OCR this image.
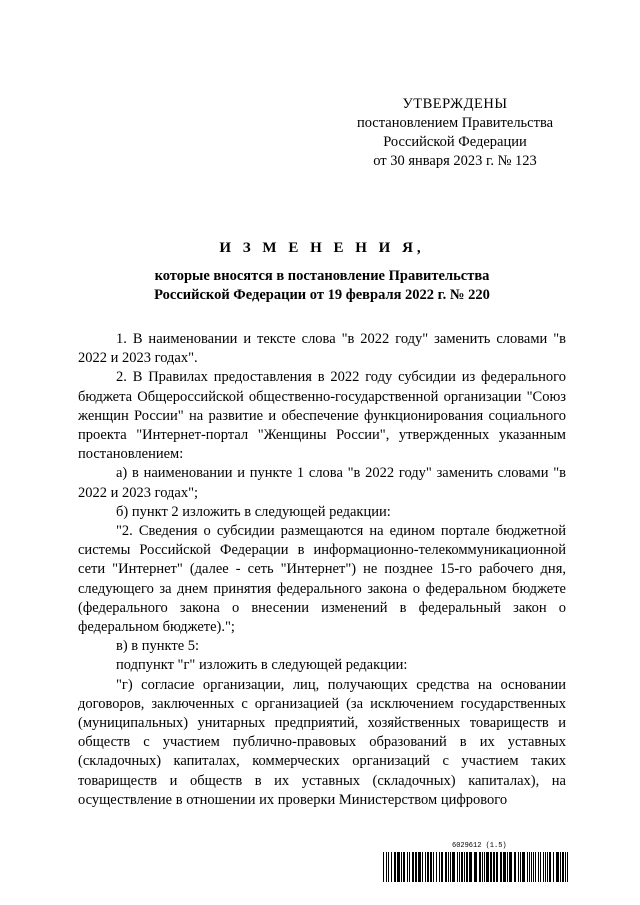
УТВЕРЖДЕНЫ
постановлением Правительства
Российской Федерации
от 30 января 2023 г. № 123
И З М Е Н Е Н И Я,
которые вносятся в постановление Правительства
Российской Федерации от 19 февраля 2022 г. № 220

1. В наименовании и тексте слова "в 2022 году" заменить словами "в 2022 и 2023 годах".

2. В Правилах предоставления в 2022 году субсидии из федерального бюджета Общероссийской общественно-государственной организации "Союз женщин России" на развитие и обеспечение функционирования социального проекта "Интернет-портал "Женщины России", утвержденных указанным постановлением:

а) в наименовании и пункте 1 слова "в 2022 году" заменить словами "в 2022 и 2023 годах";

б) пункт 2 изложить в следующей редакции:

"2. Сведения о субсидии размещаются на едином портале бюджетной системы Российской Федерации в информационно-телекоммуникационной сети "Интернет" (далее - сеть "Интернет") не позднее 15-го рабочего дня, следующего за днем принятия федерального закона о федеральном бюджете (федерального закона о внесении изменений в федеральный закон о федеральном бюджете).";

в) в пункте 5:

подпункт "г" изложить в следующей редакции:

"г) согласие организации, лиц, получающих средства на основании договоров, заключенных с организацией (за исключением государственных (муниципальных) унитарных предприятий, хозяйственных товариществ и обществ с участием публично-правовых образований в их уставных (складочных) капиталах, коммерческих организаций с участием таких товариществ и обществ в их уставных (складочных) капиталах), на осуществление в отношении их проверки Министерством цифрового

6029612 (1.5)
